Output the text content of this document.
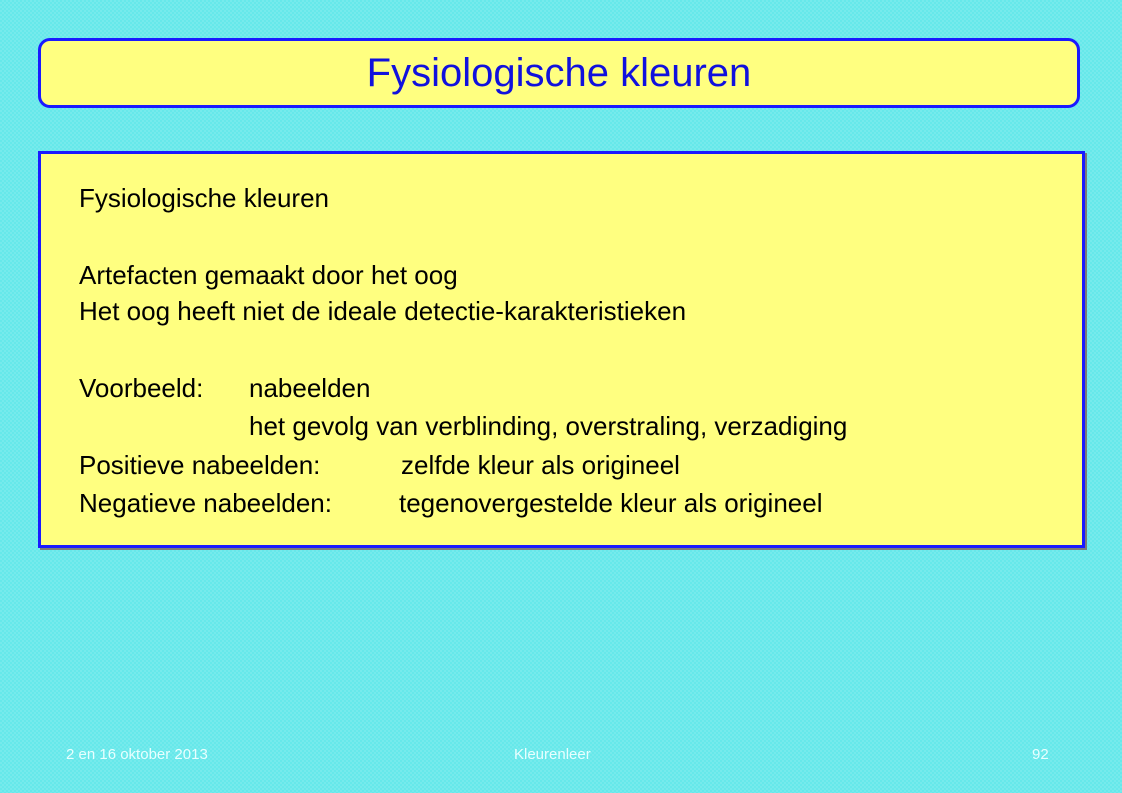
Fysiologische kleuren
Fysiologische kleuren
Artefacten gemaakt door het oog
Het oog heeft niet de ideale detectie-karakteristieken
Voorbeeld: nabeelden
het gevolg van verblinding, overstraling, verzadiging
Positieve nabeelden:	zelfde kleur als origineel
Negatieve nabeelden:	tegenovergestelde kleur als origineel
2 en 16 oktober 2013	Kleurenleer	92
